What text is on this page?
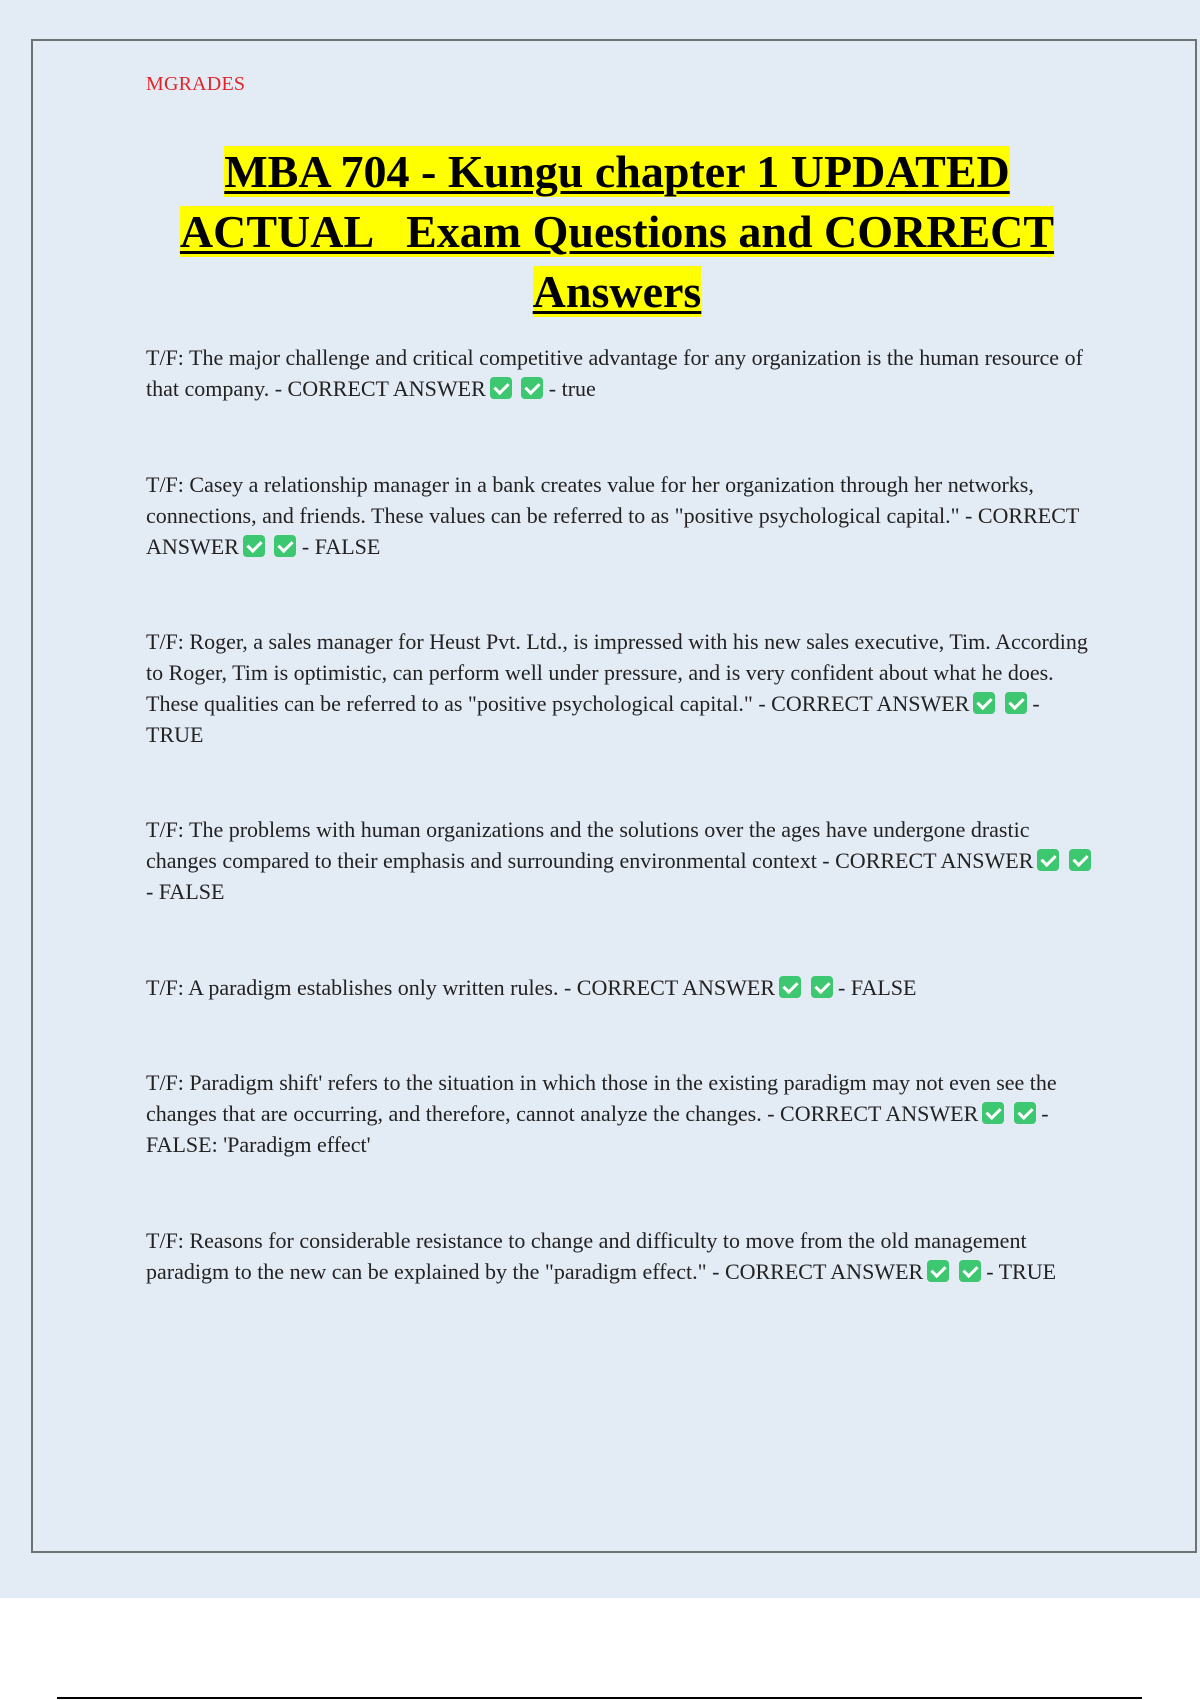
MGRADES
MBA 704 - Kungu chapter 1 UPDATED
ACTUAL   Exam Questions and CORRECT
Answers
T/F: The major challenge and critical competitive advantage for any organization is the human resource of that company. - CORRECT ANSWER	- true
T/F: Casey a relationship manager in a bank creates value for her organization through her networks, connections, and friends. These values can be referred to as "positive psychological capital." - CORRECT ANSWER	- FALSE
T/F: Roger, a sales manager for Heust Pvt. Ltd., is impressed with his new sales executive, Tim. According to Roger, Tim is optimistic, can perform well under pressure, and is very confident about what he does. These qualities can be referred to as "positive psychological capital." - CORRECT ANSWER	- TRUE
T/F: The problems with human organizations and the solutions over the ages have undergone drastic changes compared to their emphasis and surrounding environmental context - CORRECT ANSWER  - FALSE
T/F: A paradigm establishes only written rules. - CORRECT ANSWER	- FALSE
T/F: Paradigm shift' refers to the situation in which those in the existing paradigm may not even see the changes that are occurring, and therefore, cannot analyze the changes. - CORRECT ANSWER	- FALSE: 'Paradigm effect'
T/F: Reasons for considerable resistance to change and difficulty to move from the old management paradigm to the new can be explained by the "paradigm effect." - CORRECT ANSWER	- TRUE
